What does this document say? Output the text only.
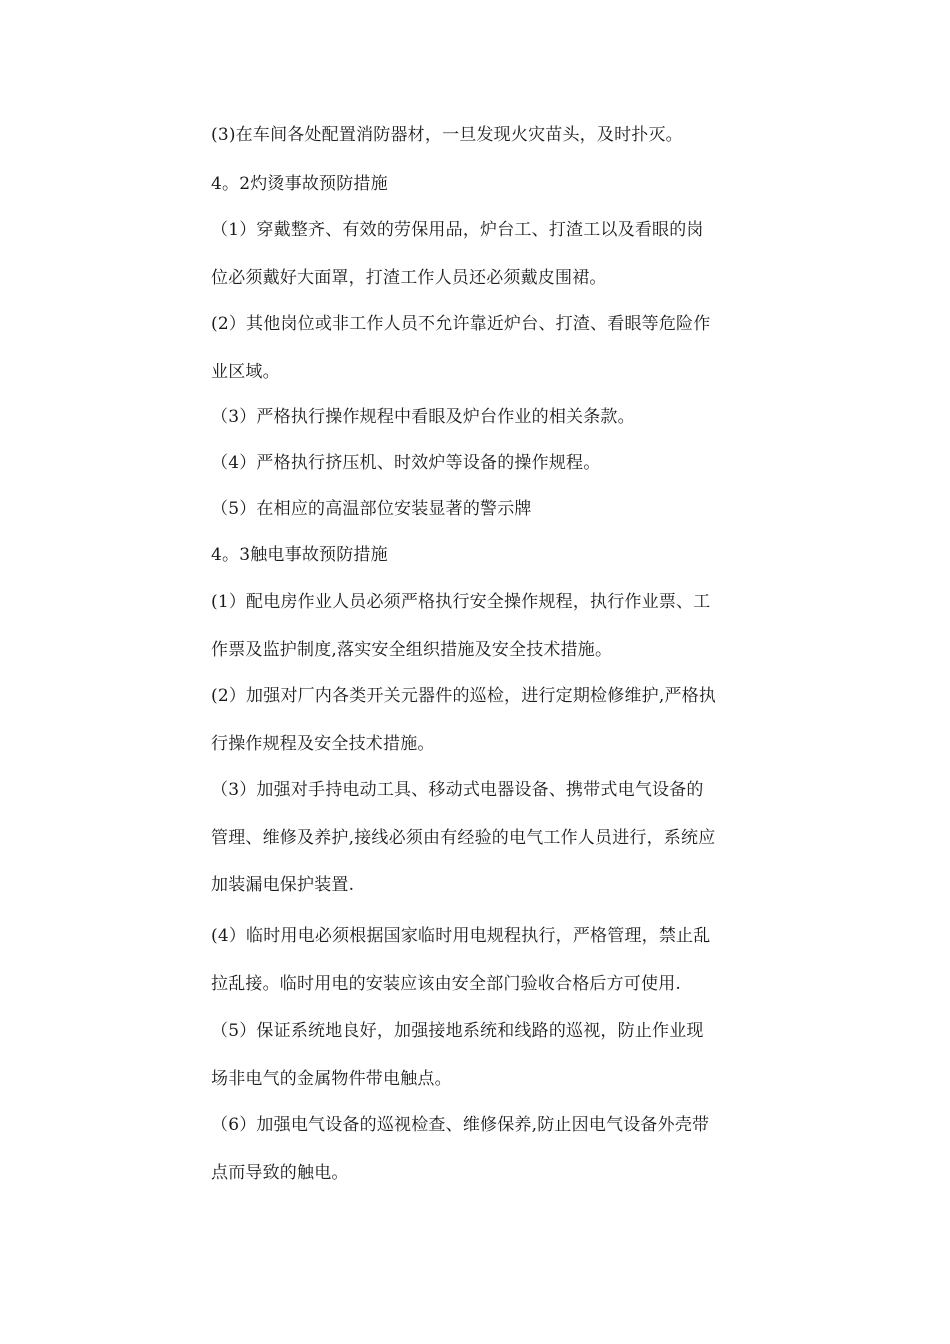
(3)在车间各处配置消防器材，一旦发现火灾苗头，及时扑灭。
4。2灼烫事故预防措施
（1）穿戴整齐、有效的劳保用品，炉台工、打渣工以及看眼的岗
位必须戴好大面罩，打渣工作人员还必须戴皮围裙。
(2）其他岗位或非工作人员不允许靠近炉台、打渣、看眼等危险作
业区域。
（3）严格执行操作规程中看眼及炉台作业的相关条款。
（4）严格执行挤压机、时效炉等设备的操作规程。
（5）在相应的高温部位安装显著的警示牌
4。3触电事故预防措施
(1）配电房作业人员必须严格执行安全操作规程，执行作业票、工
作票及监护制度,落实安全组织措施及安全技术措施。
(2）加强对厂内各类开关元器件的巡检，进行定期检修维护,严格执
行操作规程及安全技术措施。
（3）加强对手持电动工具、移动式电器设备、携带式电气设备的
管理、维修及养护,接线必须由有经验的电气工作人员进行，系统应
加装漏电保护装置.
(4）临时用电必须根据国家临时用电规程执行，严格管理，禁止乱
拉乱接。临时用电的安装应该由安全部门验收合格后方可使用.
（5）保证系统地良好，加强接地系统和线路的巡视，防止作业现
场非电气的金属物件带电触点。
（6）加强电气设备的巡视检查、维修保养,防止因电气设备外壳带
点而导致的触电。
